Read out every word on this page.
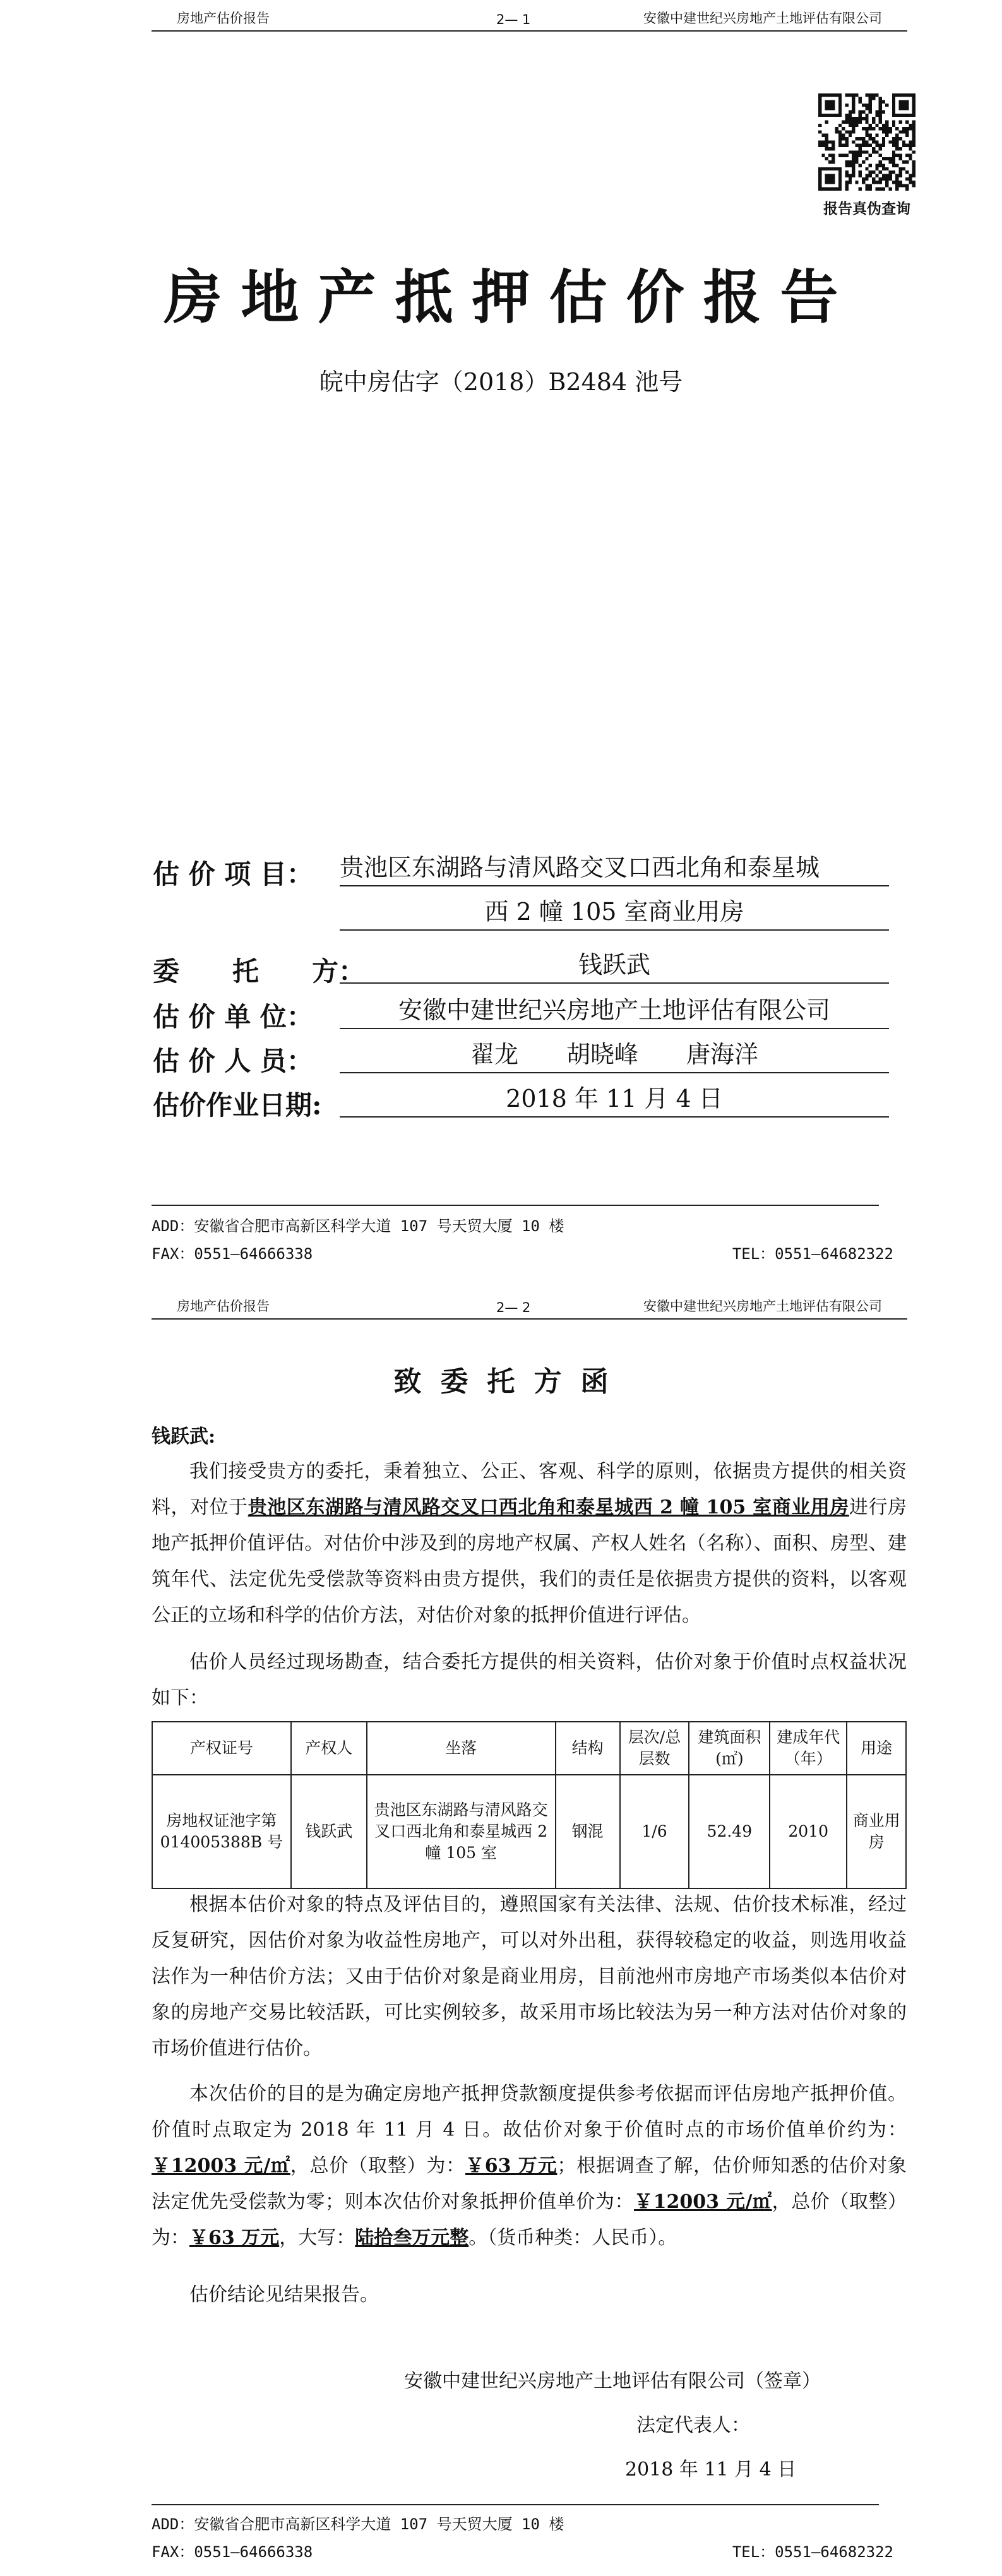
房地产估价报告	2— 1	安徽中建世纪兴房地产土地评估有限公司
报告真伪查询
房地产抵押估价报告
皖中房估字（2018）B2484 池号
估 价 项 目： 贵池区东湖路与清风路交叉口西北角和泰星城
西 2 幢 105 室商业用房
委　　托　　方：	钱跃武
估 价 单 位：	安徽中建世纪兴房地产土地评估有限公司
估 价 人 员：	翟龙　　胡晓峰　　唐海洋
估价作业日期:	2018 年 11 月 4 日
ADD：安徽省合肥市高新区科学大道 107 号天贸大厦 10 楼
FAX：0551—64666338	TEL：0551—64682322
房地产估价报告	2— 2	安徽中建世纪兴房地产土地评估有限公司
致委托方函
钱跃武:
我们接受贵方的委托，秉着独立、公正、客观、科学的原则，依据贵方提供的相关资料，对位于贵池区东湖路与清风路交叉口西北角和泰星城西 2 幢 105 室商业用房进行房地产抵押价值评估。对估价中涉及到的房地产权属、产权人姓名（名称）、面积、房型、建筑年代、法定优先受偿款等资料由贵方提供，我们的责任是依据贵方提供的资料，以客观公正的立场和科学的估价方法，对估价对象的抵押价值进行评估。
估价人员经过现场勘查，结合委托方提供的相关资料，估价对象于价值时点权益状况如下：
产权证号	产权人	坐落	结构	层次/总层数	建筑面积(㎡)	建成年代（年）	用途
房地权证池字第 014005388B 号	钱跃武	贵池区东湖路与清风路交叉口西北角和泰星城西 2 幢 105 室	钢混	1/6	52.49	2010	商业用房
根据本估价对象的特点及评估目的，遵照国家有关法律、法规、估价技术标准，经过反复研究，因估价对象为收益性房地产，可以对外出租，获得较稳定的收益，则选用收益法作为一种估价方法；又由于估价对象是商业用房，目前池州市房地产市场类似本估价对象的房地产交易比较活跃，可比实例较多，故采用市场比较法为另一种方法对估价对象的市场价值进行估价。
本次估价的目的是为确定房地产抵押贷款额度提供参考依据而评估房地产抵押价值。价值时点取定为 2018 年 11 月 4 日。故估价对象于价值时点的市场价值单价约为：￥12003 元/㎡，总价（取整）为：￥63 万元；根据调查了解，估价师知悉的估价对象法定优先受偿款为零；则本次估价对象抵押价值单价为：￥12003 元/㎡，总价（取整）为：￥63 万元，大写：陆拾叁万元整。（货币种类：人民币）。
估价结论见结果报告。
安徽中建世纪兴房地产土地评估有限公司（签章）
法定代表人：
2018 年 11 月 4 日
ADD：安徽省合肥市高新区科学大道 107 号天贸大厦 10 楼
FAX：0551—64666338	TEL：0551—64682322
